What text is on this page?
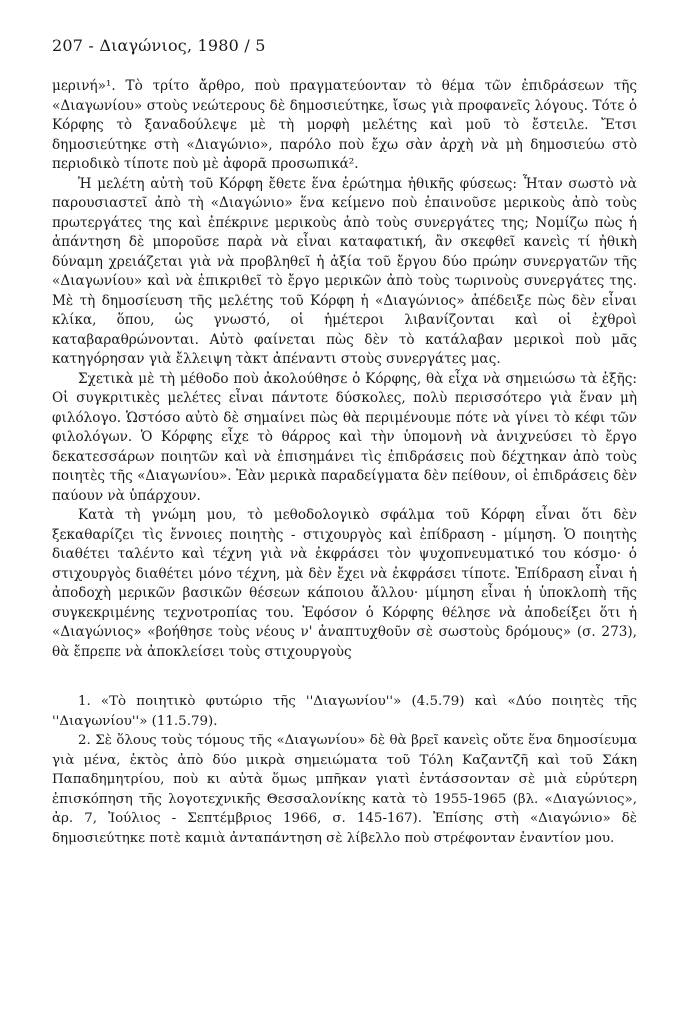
207 - Διαγώνιος, 1980 / 5

μερινή»¹. Τὸ τρίτο ἄρθρο, ποὺ πραγματεύονταν τὸ θέμα τῶν ἐπιδράσεων τῆς «Διαγωνίου» στοὺς νεώτερους δὲ δημοσιεύτηκε, ἴσως γιὰ προφανεῖς λόγους. Τότε ὁ Κόρφης τὸ ξαναδούλεψε μὲ τὴ μορφὴ μελέτης καὶ μοῦ τὸ ἔστειλε. Ἔτσι δημοσιεύτηκε στὴ «Διαγώνιο», παρόλο ποὺ ἔχω σὰν ἀρχὴ νὰ μὴ δημοσιεύω στὸ περιοδικὸ τίποτε ποὺ μὲ ἀφορᾶ προσωπικά².

Ἡ μελέτη αὐτὴ τοῦ Κόρφη ἔθετε ἕνα ἐρώτημα ἠθικῆς φύσεως: Ἦταν σωστὸ νὰ παρουσιαστεῖ ἀπὸ τὴ «Διαγώνιο» ἕνα κείμενο ποὺ ἐπαινοῦσε μερικοὺς ἀπὸ τοὺς πρωτεργάτες της καὶ ἐπέκρινε μερικοὺς ἀπὸ τοὺς συνεργάτες της; Νομίζω πὼς ἡ ἀπάντηση δὲ μποροῦσε παρὰ νὰ εἶναι καταφατική, ἂν σκεφθεῖ κανεὶς τί ἠθικὴ δύναμη χρειάζεται γιὰ νὰ προβληθεῖ ἡ ἀξία τοῦ ἔργου δύο πρώην συνεργατῶν τῆς «Διαγωνίου» καὶ νὰ ἐπικριθεῖ τὸ ἔργο μερικῶν ἀπὸ τοὺς τωρινοὺς συνεργάτες της. Μὲ τὴ δημοσίευση τῆς μελέτης τοῦ Κόρφη ἡ «Διαγώνιος» ἀπέδειξε πὼς δὲν εἶναι κλίκα, ὅπου, ὡς γνωστό, οἱ ἡμέτεροι λιβανίζονται καὶ οἱ ἐχθροὶ καταβαραθρώνονται. Αὐτὸ φαίνεται πὼς δὲν τὸ κατάλαβαν μερικοὶ ποὺ μᾶς κατηγόρησαν γιὰ ἔλλειψη τὰκτ ἀπέναντι στοὺς συνεργάτες μας.

Σχετικὰ μὲ τὴ μέθοδο ποὺ ἀκολούθησε ὁ Κόρφης, θὰ εἶχα νὰ σημειώσω τὰ ἑξῆς: Οἱ συγκριτικὲς μελέτες εἶναι πάντοτε δύσκολες, πολὺ περισσότερο γιὰ ἕναν μὴ φιλόλογο. Ὡστόσο αὐτὸ δὲ σημαίνει πὼς θὰ περιμένουμε πότε νὰ γίνει τὸ κέφι τῶν φιλολόγων. Ὁ Κόρφης εἶχε τὸ θάρρος καὶ τὴν ὑπομονὴ νὰ ἀνιχνεύσει τὸ ἔργο δεκατεσσάρων ποιητῶν καὶ νὰ ἐπισημάνει τὶς ἐπιδράσεις ποὺ δέχτηκαν ἀπὸ τοὺς ποιητὲς τῆς «Διαγωνίου». Ἐὰν μερικὰ παραδείγματα δὲν πείθουν, οἱ ἐπιδράσεις δὲν παύουν νὰ ὑπάρχουν.

Κατὰ τὴ γνώμη μου, τὸ μεθοδολογικὸ σφάλμα τοῦ Κόρφη εἶναι ὅτι δὲν ξεκαθαρίζει τὶς ἔννοιες ποιητὴς - στιχουργὸς καὶ ἐπίδραση - μίμηση. Ὁ ποιητὴς διαθέτει ταλέντο καὶ τέχνη γιὰ νὰ ἐκφράσει τὸν ψυχοπνευματικό του κόσμο· ὁ στιχουργὸς διαθέτει μόνο τέχνη, μὰ δὲν ἔχει νὰ ἐκφράσει τίποτε. Ἐπίδραση εἶναι ἡ ἀποδοχὴ μερικῶν βασικῶν θέσεων κάποιου ἄλλου· μίμηση εἶναι ἡ ὑποκλοπὴ τῆς συγκεκριμένης τεχνοτροπίας του. Ἐφόσον ὁ Κόρφης θέλησε νὰ ἀποδείξει ὅτι ἡ «Διαγώνιος» «βοήθησε τοὺς νέους ν' ἀναπτυχθοῦν σὲ σωστοὺς δρόμους» (σ. 273), θὰ ἔπρεπε νὰ ἀποκλείσει τοὺς στιχουργοὺς

1. «Τὸ ποιητικὸ φυτώριο τῆς ''Διαγωνίου''» (4.5.79) καὶ «Δύο ποιητὲς τῆς ''Διαγωνίου''» (11.5.79).

2. Σὲ ὅλους τοὺς τόμους τῆς «Διαγωνίου» δὲ θὰ βρεῖ κανεὶς οὔτε ἕνα δημοσίευμα γιὰ μένα, ἐκτὸς ἀπὸ δύο μικρὰ σημειώματα τοῦ Τόλη Καζαντζῆ καὶ τοῦ Σάκη Παπαδημητρίου, ποὺ κι αὐτὰ ὅμως μπῆκαν γιατὶ ἐντάσσονταν σὲ μιὰ εὐρύτερη ἐπισκόπηση τῆς λογοτεχνικῆς Θεσσαλονίκης κατὰ τὸ 1955-1965 (βλ. «Διαγώνιος», ἀρ. 7, Ἰούλιος - Σεπτέμβριος 1966, σ. 145-167). Ἐπίσης στὴ «Διαγώνιο» δὲ δημοσιεύτηκε ποτὲ καμιὰ ἀνταπάντηση σὲ λίβελλο ποὺ στρέφονταν ἐναντίον μου.
